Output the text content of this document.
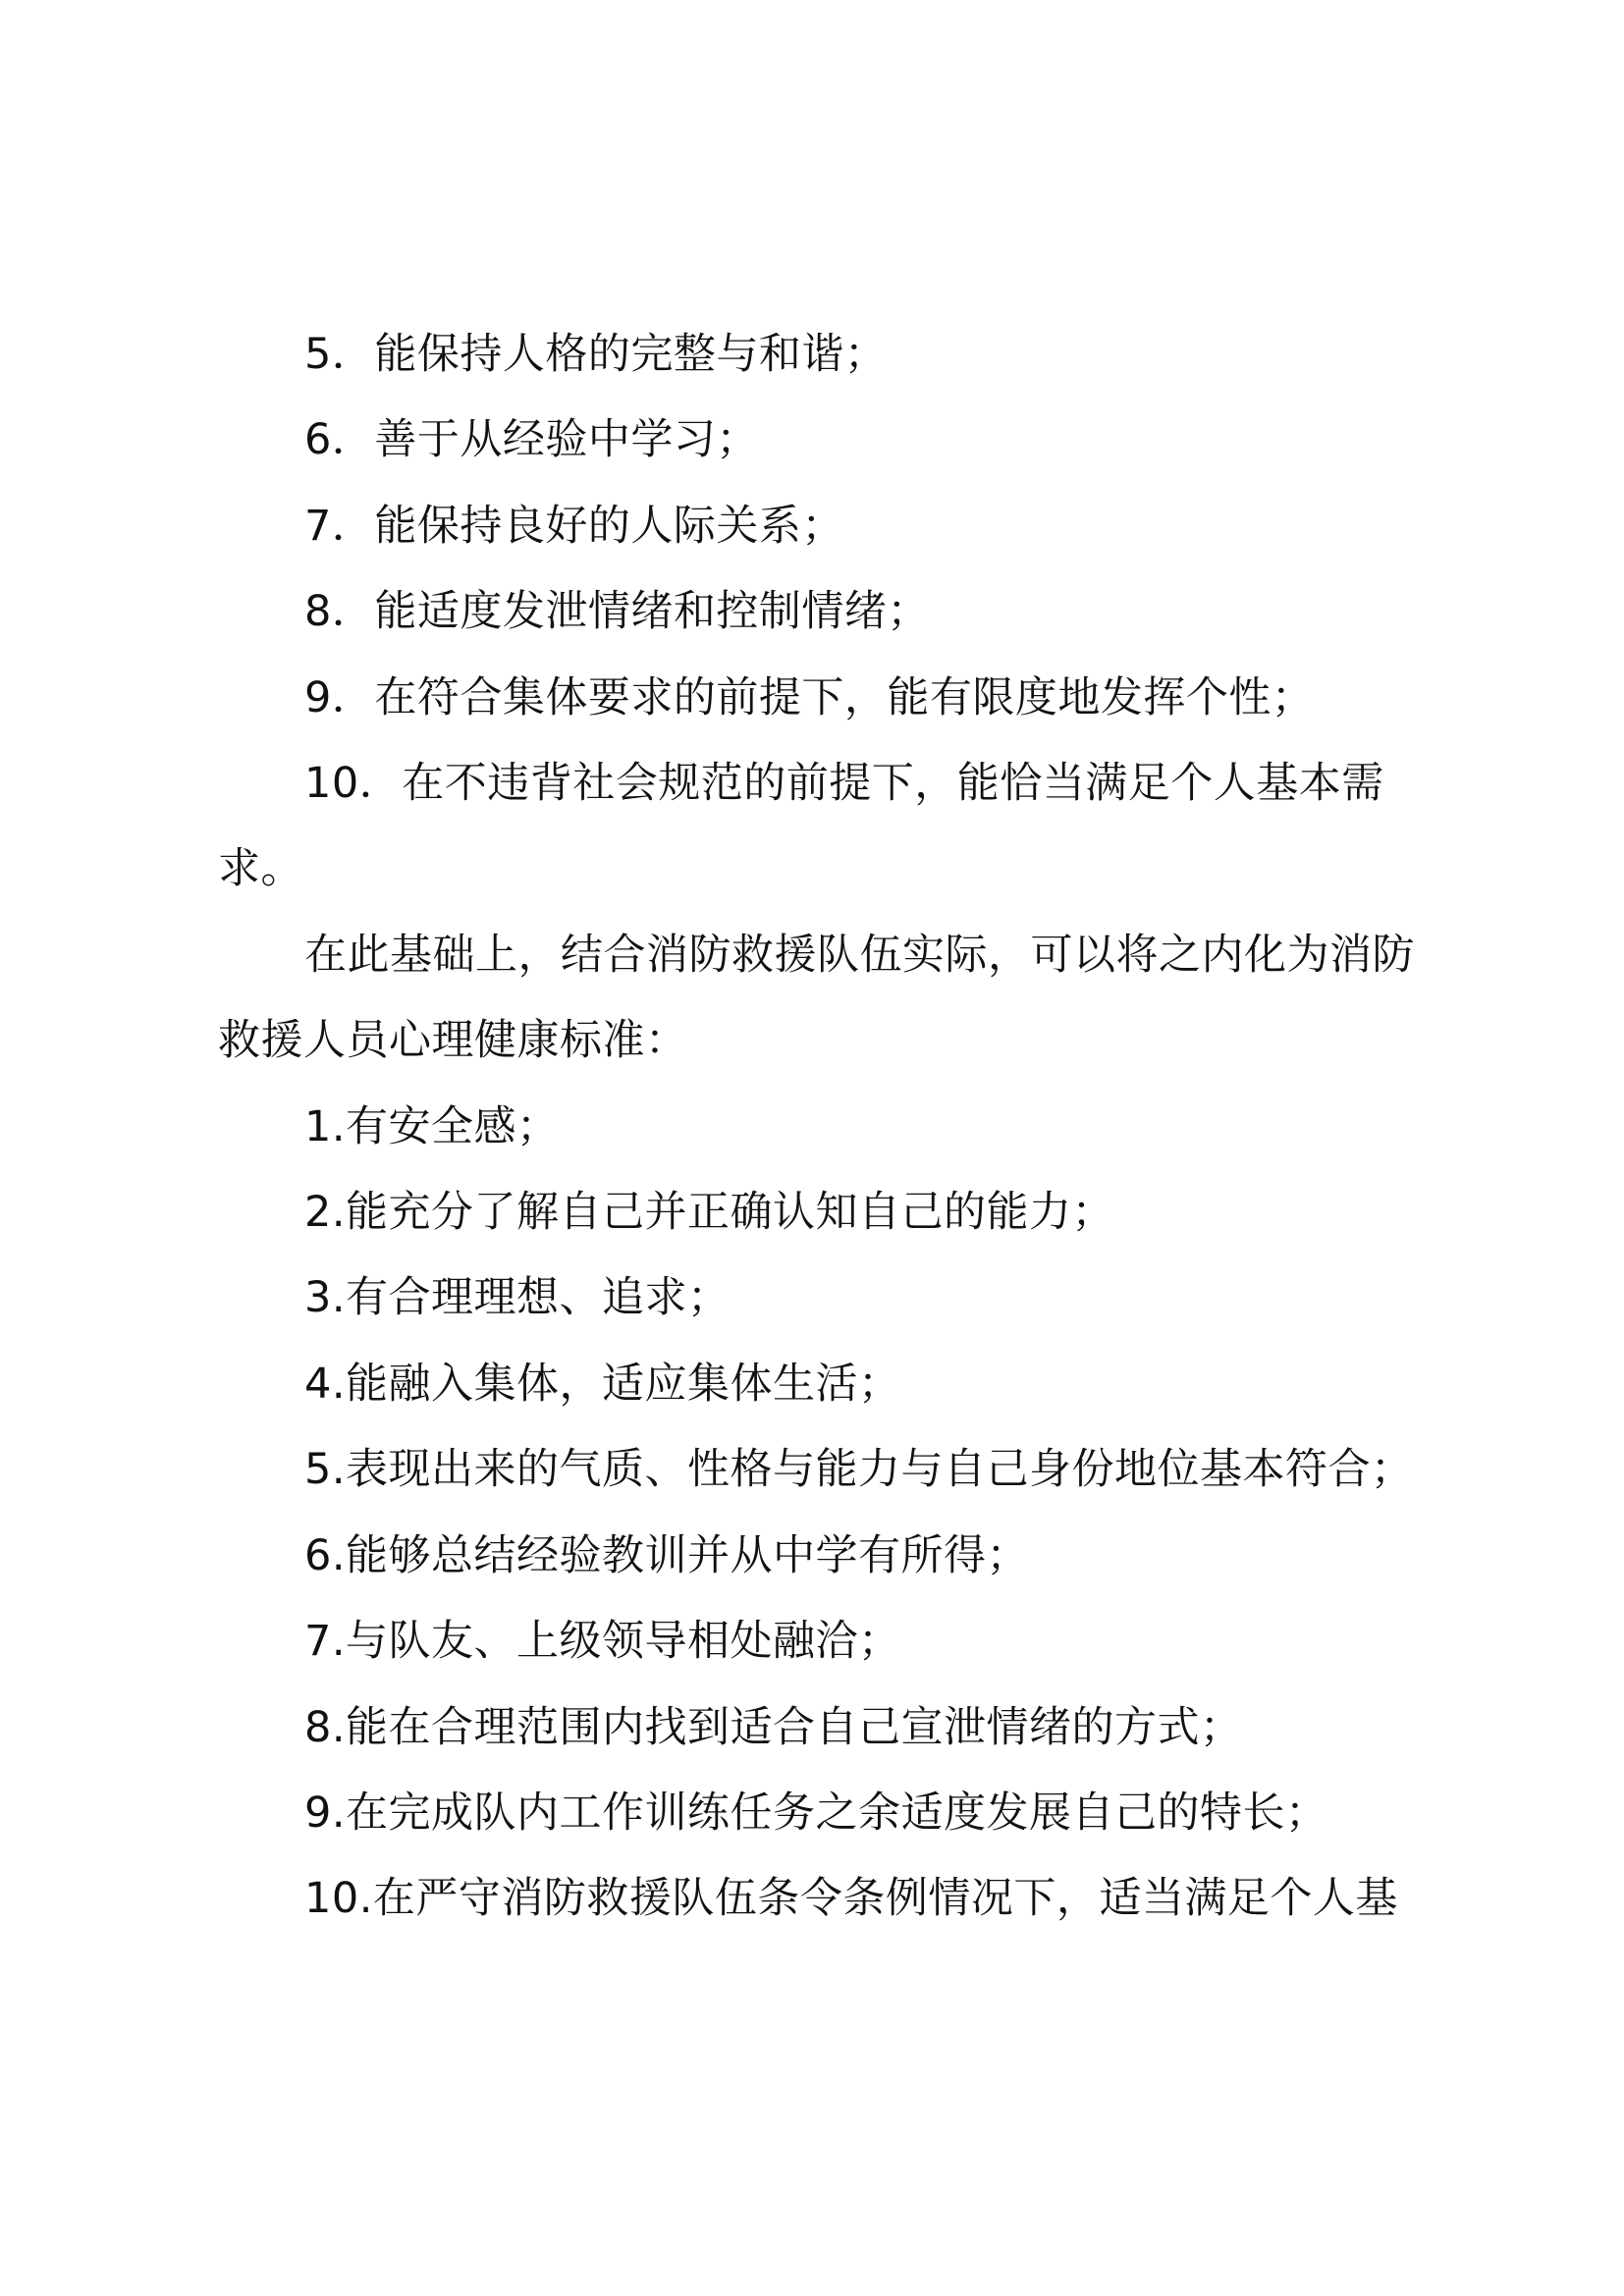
5．能保持人格的完整与和谐；

6．善于从经验中学习；

7．能保持良好的人际关系；

8．能适度发泄情绪和控制情绪；

9．在符合集体要求的前提下，能有限度地发挥个性；

10．在不违背社会规范的前提下，能恰当满足个人基本需求。

在此基础上，结合消防救援队伍实际，可以将之内化为消防救援人员心理健康标准：

1.有安全感；

2.能充分了解自己并正确认知自己的能力；

3.有合理理想、追求；

4.能融入集体，适应集体生活；

5.表现出来的气质、性格与能力与自己身份地位基本符合；

6.能够总结经验教训并从中学有所得；

7.与队友、上级领导相处融洽；

8.能在合理范围内找到适合自己宣泄情绪的方式；

9.在完成队内工作训练任务之余适度发展自己的特长；

10.在严守消防救援队伍条令条例情况下，适当满足个人基
